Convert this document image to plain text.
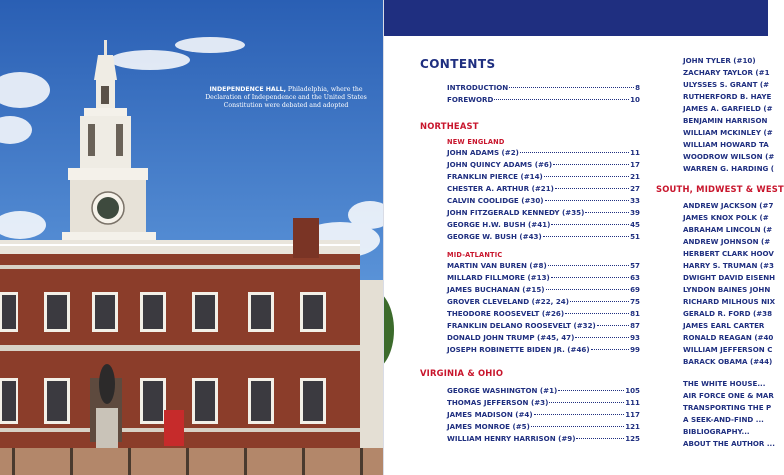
INDEPENDENCE HALL, Philadelphia, where the Declaration of Independence and the United States Constitution were debated and adopted
CONTENTS
INTRODUCTION	8
FOREWORD	10
NORTHEAST
NEW ENGLAND
JOHN ADAMS (#2)	11
JOHN QUINCY ADAMS (#6)	17
FRANKLIN PIERCE (#14)	21
CHESTER A. ARTHUR (#21)	27
CALVIN COOLIDGE (#30)	33
JOHN FITZGERALD KENNEDY (#35)	39
GEORGE H.W. BUSH (#41)	45
GEORGE W. BUSH (#43)	51
MID-ATLANTIC
MARTIN VAN BUREN (#8)	57
MILLARD FILLMORE (#13)	63
JAMES BUCHANAN (#15)	69
GROVER CLEVELAND (#22, 24)	75
THEODORE ROOSEVELT (#26)	81
FRANKLIN DELANO ROOSEVELT (#32)	87
DONALD JOHN TRUMP (#45, 47)	93
JOSEPH ROBINETTE BIDEN JR. (#46)	99
VIRGINIA & OHIO
GEORGE WASHINGTON (#1)	105
THOMAS JEFFERSON (#3)	111
JAMES MADISON (#4)	117
JAMES MONROE (#5)	121
WILLIAM HENRY HARRISON (#9)	125
JOHN TYLER (#10)
ZACHARY TAYLOR (#1
ULYSSES S. GRANT (#
RUTHERFORD B. HAYE
JAMES A. GARFIELD (#
BENJAMIN HARRISON
WILLIAM MCKINLEY (#
WILLIAM HOWARD TA
WOODROW WILSON (#
WARREN G. HARDING (
SOUTH, MIDWEST & WEST
ANDREW JACKSON (#7
JAMES KNOX POLK (#
ABRAHAM LINCOLN (#
ANDREW JOHNSON (#
HERBERT CLARK HOOV
HARRY S. TRUMAN (#3
DWIGHT DAVID EISENH
LYNDON BAINES JOHN
RICHARD MILHOUS NIX
GERALD R. FORD (#38
JAMES EARL CARTER
RONALD REAGAN (#40
WILLIAM JEFFERSON C
BARACK OBAMA (#44)
THE WHITE HOUSE...
AIR FORCE ONE & MAR
TRANSPORTING THE P
A SEEK-AND-FIND ...
BIBLIOGRAPHY...
ABOUT THE AUTHOR ...
